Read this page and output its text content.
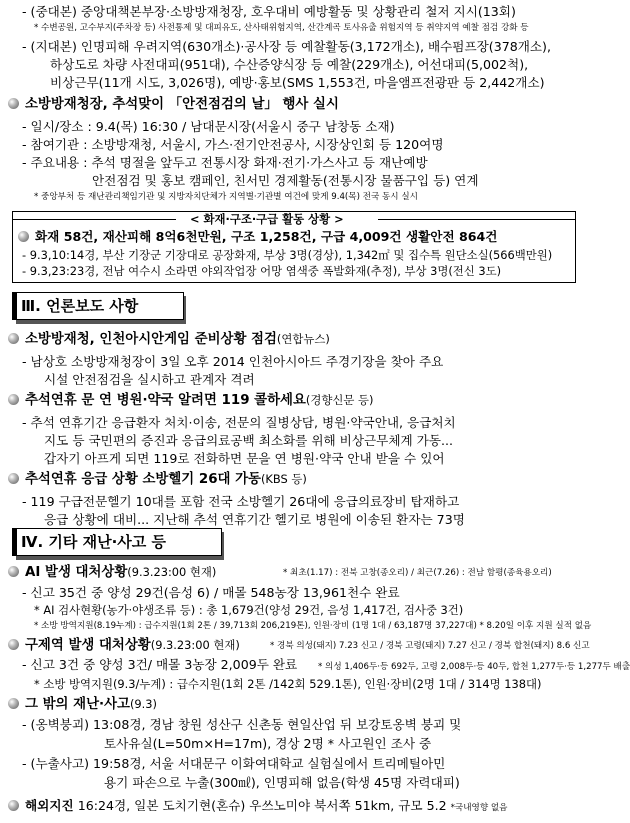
- (중대본) 중앙대책본부장·소방방재청장, 호우대비 예방활동 및 상황관리 철저 지시(13회)
* 수변공원, 고수부지(주차장 등) 사전통제 및 대피유도, 산사태위험지역, 산간계곡 토사유출 위험지역 등 취약지역 예찰 점검 강화 등
- (지대본) 인명피해 우려지역(630개소)·공사장 등 예찰활동(3,172개소), 배수펌프장(378개소),
하상도로 차량 사전대피(951대), 수산증양식장 등 예찰(229개소), 어선대피(5,002척),
비상근무(11개 시도, 3,026명), 예방·홍보(SMS 1,553건, 마을앰프전광판 등 2,442개소)
소방방재청장, 추석맞이 「안전점검의 날」 행사 실시
- 일시/장소 : 9.4(목) 16:30 / 남대문시장(서울시 중구 남창동 소재)
- 참여기관 : 소방방재청, 서울시, 가스·전기안전공사, 시장상인회 등 120여명
- 주요내용 : 추석 명절을 앞두고 전통시장 화재·전기·가스사고 등 재난예방
안전점검 및 홍보 캠페인, 친서민 경제활동(전통시장 물품구입 등) 연계
* 중앙부처 등 재난관리책임기관 및 지방자치단체가 지역별·기관별 여건에 맞게 9.4(목) 전국 동시 실시
< 화재·구조·구급 활동 상황 >
화재 58건, 재산피해 8억6천만원, 구조 1,258건, 구급 4,009건 생활안전 864건
- 9.3,10:14경, 부산 기장군 기장대로 공장화재, 부상 3명(경상), 1,342㎡ 및 집수특 원단소실(566백만원)
- 9.3,23:23경, 전남 여수시 소라면 야외작업장 어망 염색중 폭발화재(추정), 부상 3명(전신 3도)
Ⅲ. 언론보도 사항
소방방재청, 인천아시안게임 준비상황 점검(연합뉴스)
- 남상호 소방방재청장이 3일 오후 2014 인천아시아드 주경기장을 찾아 주요
시설 안전점검을 실시하고 관계자 격려
추석연휴 문 연 병원·약국 알려면 119 콜하세요(경향신문 등)
- 추석 연휴기간 응급환자 처치·이송, 전문의 질병상담, 병원·약국안내, 응급처치
지도 등 국민편의 증진과 응급의료공백 최소화를 위해 비상근무체계 가동...
갑자기 아프게 되면 119로 전화하면 문을 연 병원·약국 안내 받을 수 있어
추석연휴 응급 상황 소방헬기 26대 가동(KBS 등)
- 119 구급전문헬기 10대를 포함 전국 소방헬기 26대에 응급의료장비 탑재하고
응급 상황에 대비... 지난해 추석 연휴기간 헬기로 병원에 이송된 환자는 73명
Ⅳ. 기타 재난·사고 등
AI 발생 대처상황(9.3.23:00 현재)	* 최초(1.17) : 전북 고창(종오리) / 최근(7.26) : 전남 함평(종육용오리)
- 신고 35건 중 양성 29건(음성 6) / 매몰 548농장 13,961천수 완료
* AI 검사현황(농가·야생조류 등) : 총 1,679건(양성 29건, 음성 1,417건, 검사중 3건)
* 소방 방역지원(8.19누계) : 급수지원(1회 2톤 / 39,713회 206,219톤), 인원·장비 (1명 1대 / 63,187명 37,227대) * 8.20일 이후 지원 실적 없음
구제역 발생 대처상황(9.3.23:00 현재)	* 경북 의성(돼지) 7.23 신고 / 경북 고령(돼지) 7.27 신고 / 경북 합천(돼지) 8.6 신고
- 신고 3건 중 양성 3건/ 매몰 3농장 2,009두 완료 * 의성 1,406두·등 692두, 고령 2,008두·등 40두, 합천 1,277두·등 1,277두 배출
* 소방 방역지원(9.3/누계) : 급수지원(1회 2톤 /142회 529.1톤), 인원·장비(2명 1대 / 314명 138대)
그 밖의 재난·사고(9.3)
- (옹벽붕괴) 13:08경, 경남 창원 성산구 신촌동 현일산업 뒤 보강토옹벽 붕괴 및
토사유실(L=50m×H=17m), 경상 2명 * 사고원인 조사 중
- (누출사고) 19:58경, 서울 서대문구 이화여대학교 실험실에서 트리메틸아민
용기 파손으로 누출(300㎖), 인명피해 없음(학생 45명 자력대피)
해외지진 16:24경, 일본 도치기현(혼슈) 우쓰노미야 북서쪽 51km, 규모 5.2 *국내영향 없음
